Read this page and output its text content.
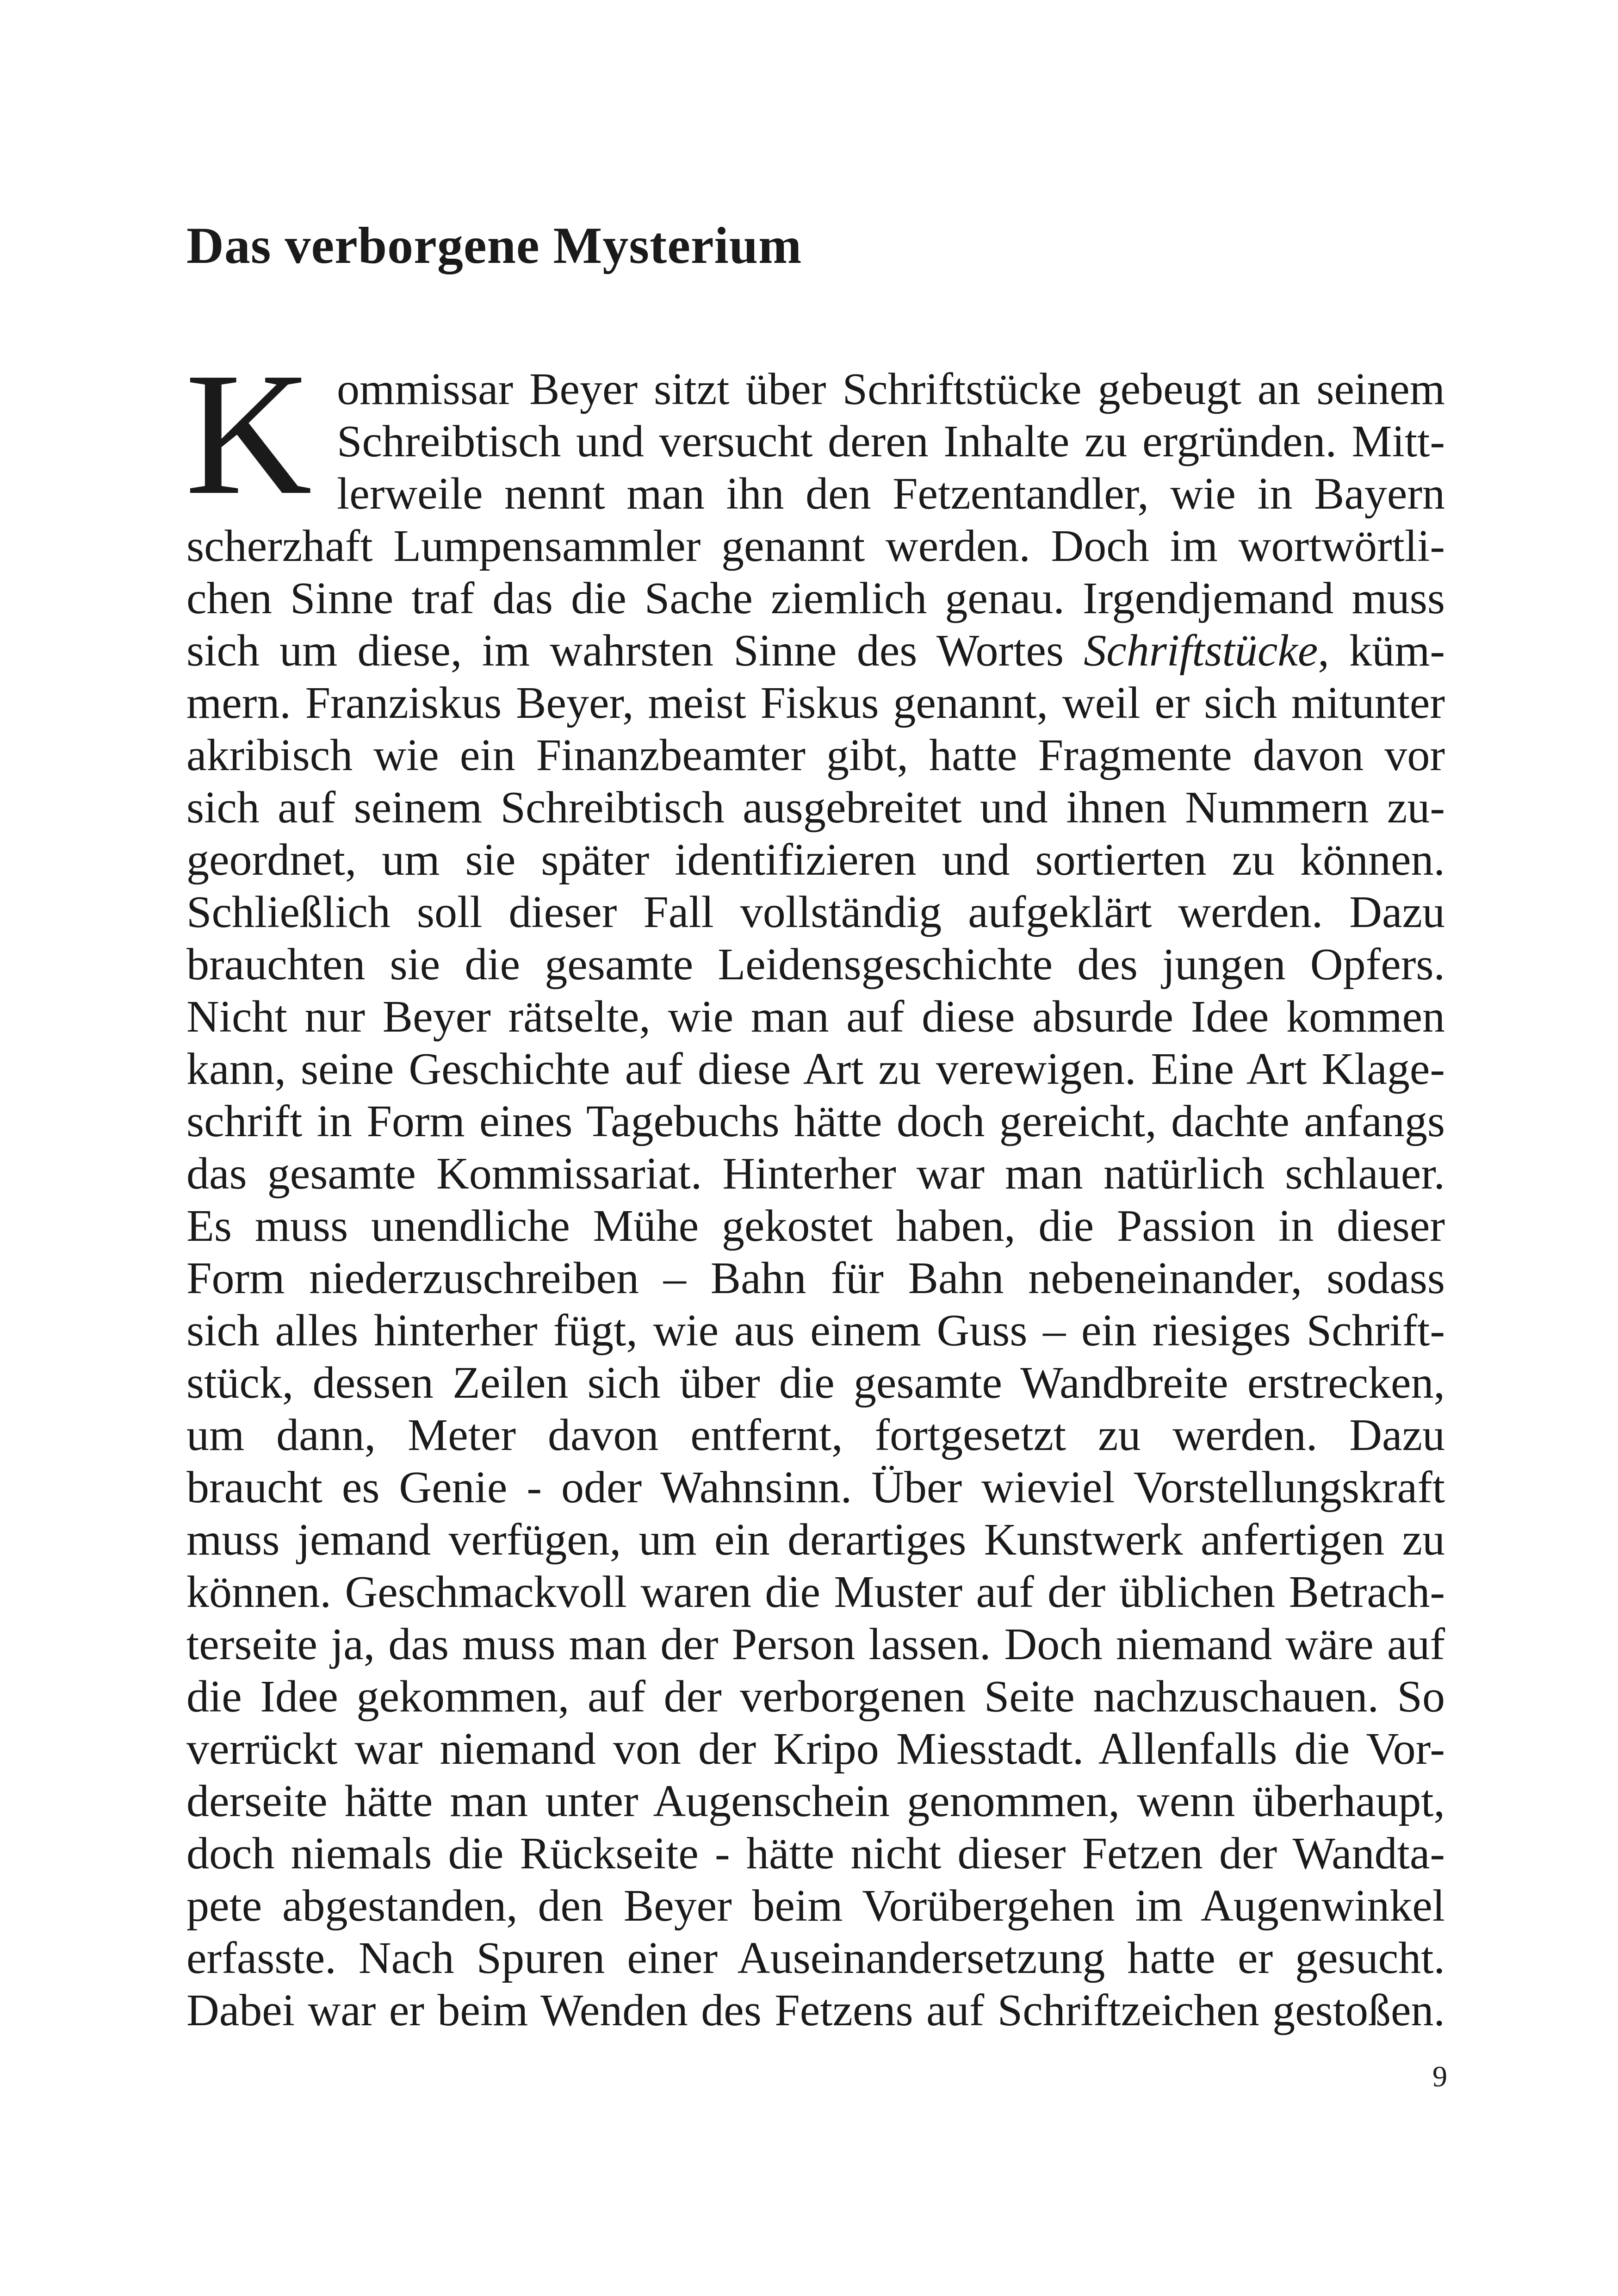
Das verborgene Mysterium
K ommissar Beyer sitzt über Schriftstücke gebeugt an seinem
Schreibtisch und versucht deren Inhalte zu ergründen. Mitt-
lerweile nennt man ihn den Fetzentandler, wie in Bayern
scherzhaft Lumpensammler genannt werden. Doch im wortwörtli-
chen Sinne traf das die Sache ziemlich genau. Irgendjemand muss
sich um diese, im wahrsten Sinne des Wortes Schriftstücke, küm-
mern. Franziskus Beyer, meist Fiskus genannt, weil er sich mitunter
akribisch wie ein Finanzbeamter gibt, hatte Fragmente davon vor
sich auf seinem Schreibtisch ausgebreitet und ihnen Nummern zu-
geordnet, um sie später identifizieren und sortierten zu können.
Schließlich soll dieser Fall vollständig aufgeklärt werden. Dazu
brauchten sie die gesamte Leidensgeschichte des jungen Opfers.
Nicht nur Beyer rätselte, wie man auf diese absurde Idee kommen
kann, seine Geschichte auf diese Art zu verewigen. Eine Art Klage-
schrift in Form eines Tagebuchs hätte doch gereicht, dachte anfangs
das gesamte Kommissariat. Hinterher war man natürlich schlauer.
Es muss unendliche Mühe gekostet haben, die Passion in dieser
Form niederzuschreiben – Bahn für Bahn nebeneinander, sodass
sich alles hinterher fügt, wie aus einem Guss – ein riesiges Schrift-
stück, dessen Zeilen sich über die gesamte Wandbreite erstrecken,
um dann, Meter davon entfernt, fortgesetzt zu werden. Dazu
braucht es Genie - oder Wahnsinn. Über wieviel Vorstellungskraft
muss jemand verfügen, um ein derartiges Kunstwerk anfertigen zu
können. Geschmackvoll waren die Muster auf der üblichen Betrach-
terseite ja, das muss man der Person lassen. Doch niemand wäre auf
die Idee gekommen, auf der verborgenen Seite nachzuschauen. So
verrückt war niemand von der Kripo Miesstadt. Allenfalls die Vor-
derseite hätte man unter Augenschein genommen, wenn überhaupt,
doch niemals die Rückseite - hätte nicht dieser Fetzen der Wandta-
pete abgestanden, den Beyer beim Vorübergehen im Augenwinkel
erfasste. Nach Spuren einer Auseinandersetzung hatte er gesucht.
Dabei war er beim Wenden des Fetzens auf Schriftzeichen gestoßen.
9
